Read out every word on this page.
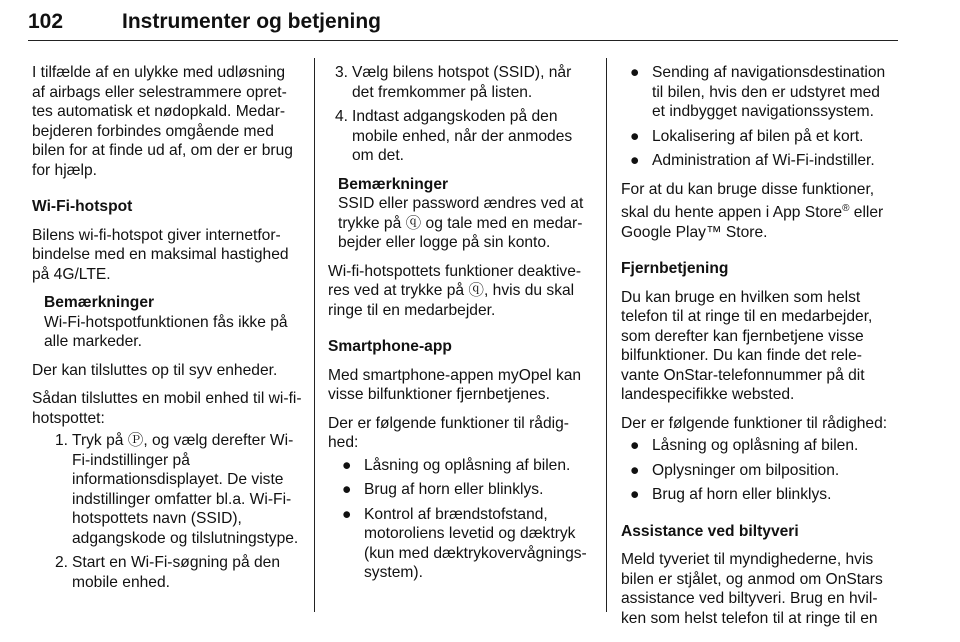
102	Instrumenter og betjening

I tilfælde af en ulykke med udløsning af airbags eller selestrammere oprettes automatisk et nødopkald. Medarbejderen forbindes omgående med bilen for at finde ud af, om der er brug for hjælp.

Wi-Fi-hotspot

Bilens wi-fi-hotspot giver internetforbindelse med en maksimal hastighed på 4G/LTE.

Bemærkninger
Wi-Fi-hotspotfunktionen fås ikke på alle markeder.

Der kan tilsluttes op til syv enheder.

Sådan tilsluttes en mobil enhed til wi-fi-hotspottet:

1. Tryk på Ⓟ, og vælg derefter Wi-Fi-indstillinger på informationsdisplayet. De viste indstillinger omfatter bl.a. Wi-Fi-hotspottets navn (SSID), adgangskode og tilslutningstype.
2. Start en Wi-Fi-søgning på den mobile enhed.
3. Vælg bilens hotspot (SSID), når det fremkommer på listen.
4. Indtast adgangskoden på den mobile enhed, når der anmodes om det.
Bemærkninger
SSID eller password ændres ved at trykke på ⓠ og tale med en medarbejder eller logge på sin konto.

Wi-fi-hotspottets funktioner deaktiveres ved at trykke på ⓠ, hvis du skal ringe til en medarbejder.

Smartphone-app

Med smartphone-appen myOpel kan visse bilfunktioner fjernbetjenes.

Der er følgende funktioner til rådighed:

● Låsning og oplåsning af bilen.
● Brug af horn eller blinklys.
● Kontrol af brændstofstand, motoroliens levetid og dæktryk (kun med dæktrykovervågningssystem).
● Sending af navigationsdestination til bilen, hvis den er udstyret med et indbygget navigationssystem.
● Lokalisering af bilen på et kort.
● Administration af Wi-Fi-indstiller.

For at du kan bruge disse funktioner, skal du hente appen i App Store® eller Google Play™ Store.

Fjernbetjening

Du kan bruge en hvilken som helst telefon til at ringe til en medarbejder, som derefter kan fjernbetjene visse bilfunktioner. Du kan finde det relevante OnStar-telefonnummer på dit landespecifikke websted.

Der er følgende funktioner til rådighed:

● Låsning og oplåsning af bilen.
● Oplysninger om bilposition.
● Brug af horn eller blinklys.

Assistance ved biltyveri

Meld tyveriet til myndighederne, hvis bilen er stjålet, og anmod om OnStars assistance ved biltyveri. Brug en hvilken som helst telefon til at ringe til en
